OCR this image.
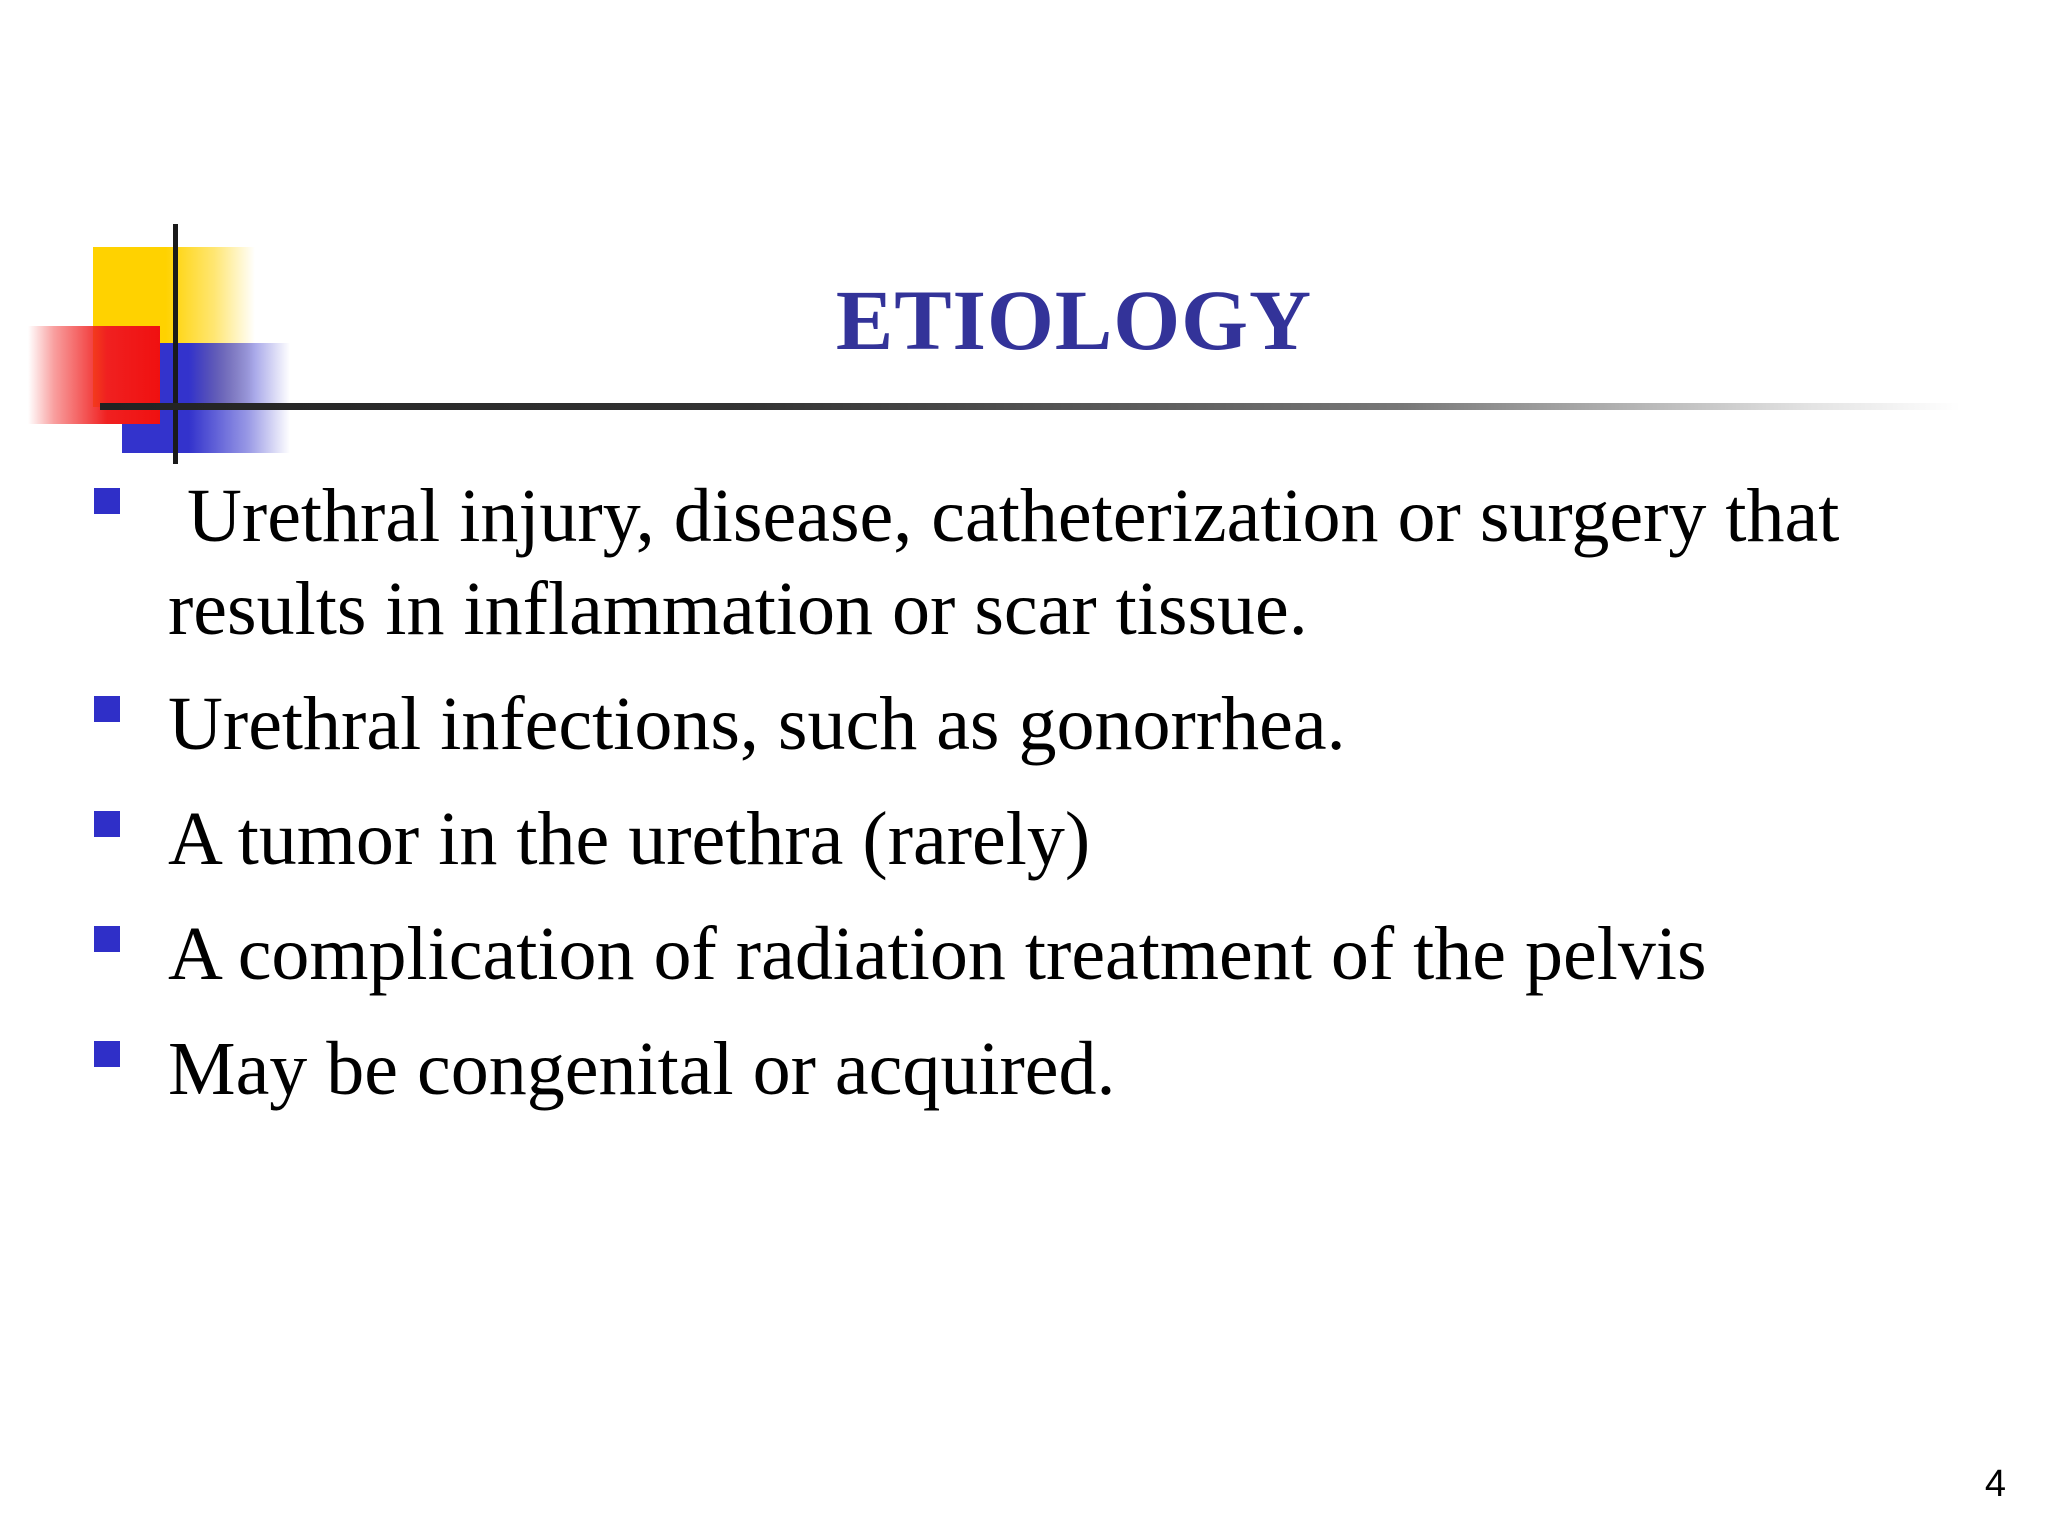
ETIOLOGY
Urethral injury, disease, catheterization or surgery that results in inflammation or scar tissue.
Urethral infections, such as gonorrhea.
A tumor in the urethra (rarely)
A complication of radiation treatment of the pelvis
May be congenital or acquired.
4
